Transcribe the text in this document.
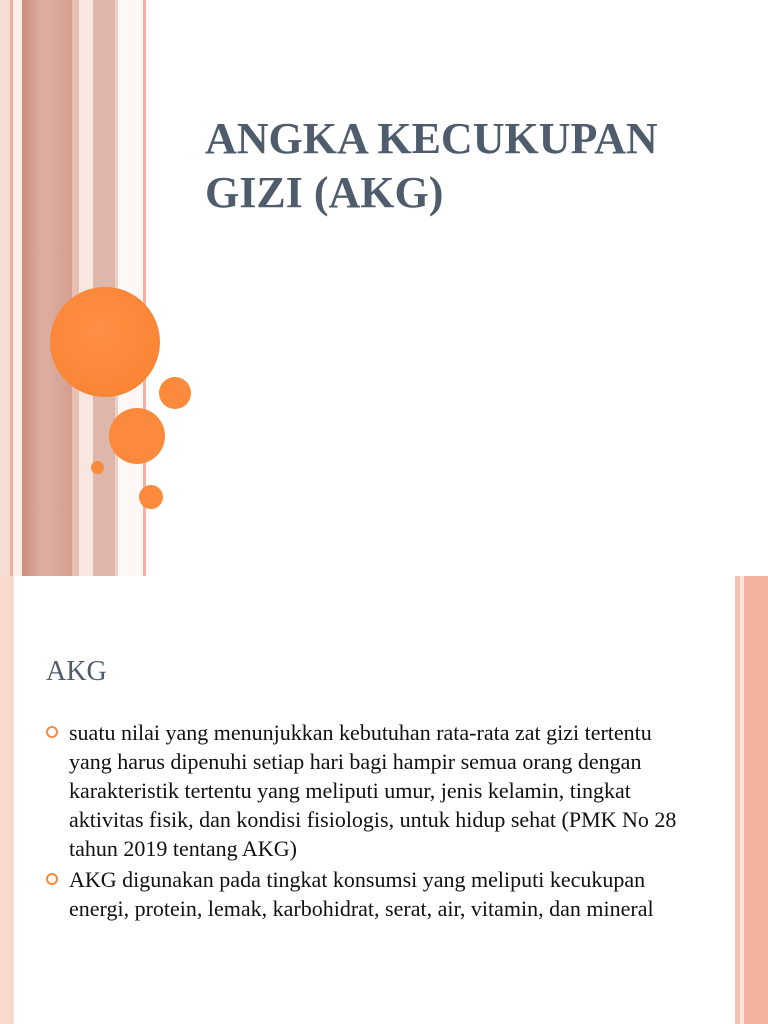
ANGKA KECUKUPAN
GIZI (AKG)
AKG
suatu nilai yang menunjukkan kebutuhan rata-rata zat gizi tertentu yang harus dipenuhi setiap hari bagi hampir semua orang dengan karakteristik tertentu yang meliputi umur, jenis kelamin, tingkat aktivitas fisik, dan kondisi fisiologis, untuk hidup sehat (PMK No 28 tahun 2019 tentang AKG)
AKG digunakan pada tingkat konsumsi yang meliputi kecukupan energi, protein, lemak, karbohidrat, serat, air, vitamin, dan mineral
